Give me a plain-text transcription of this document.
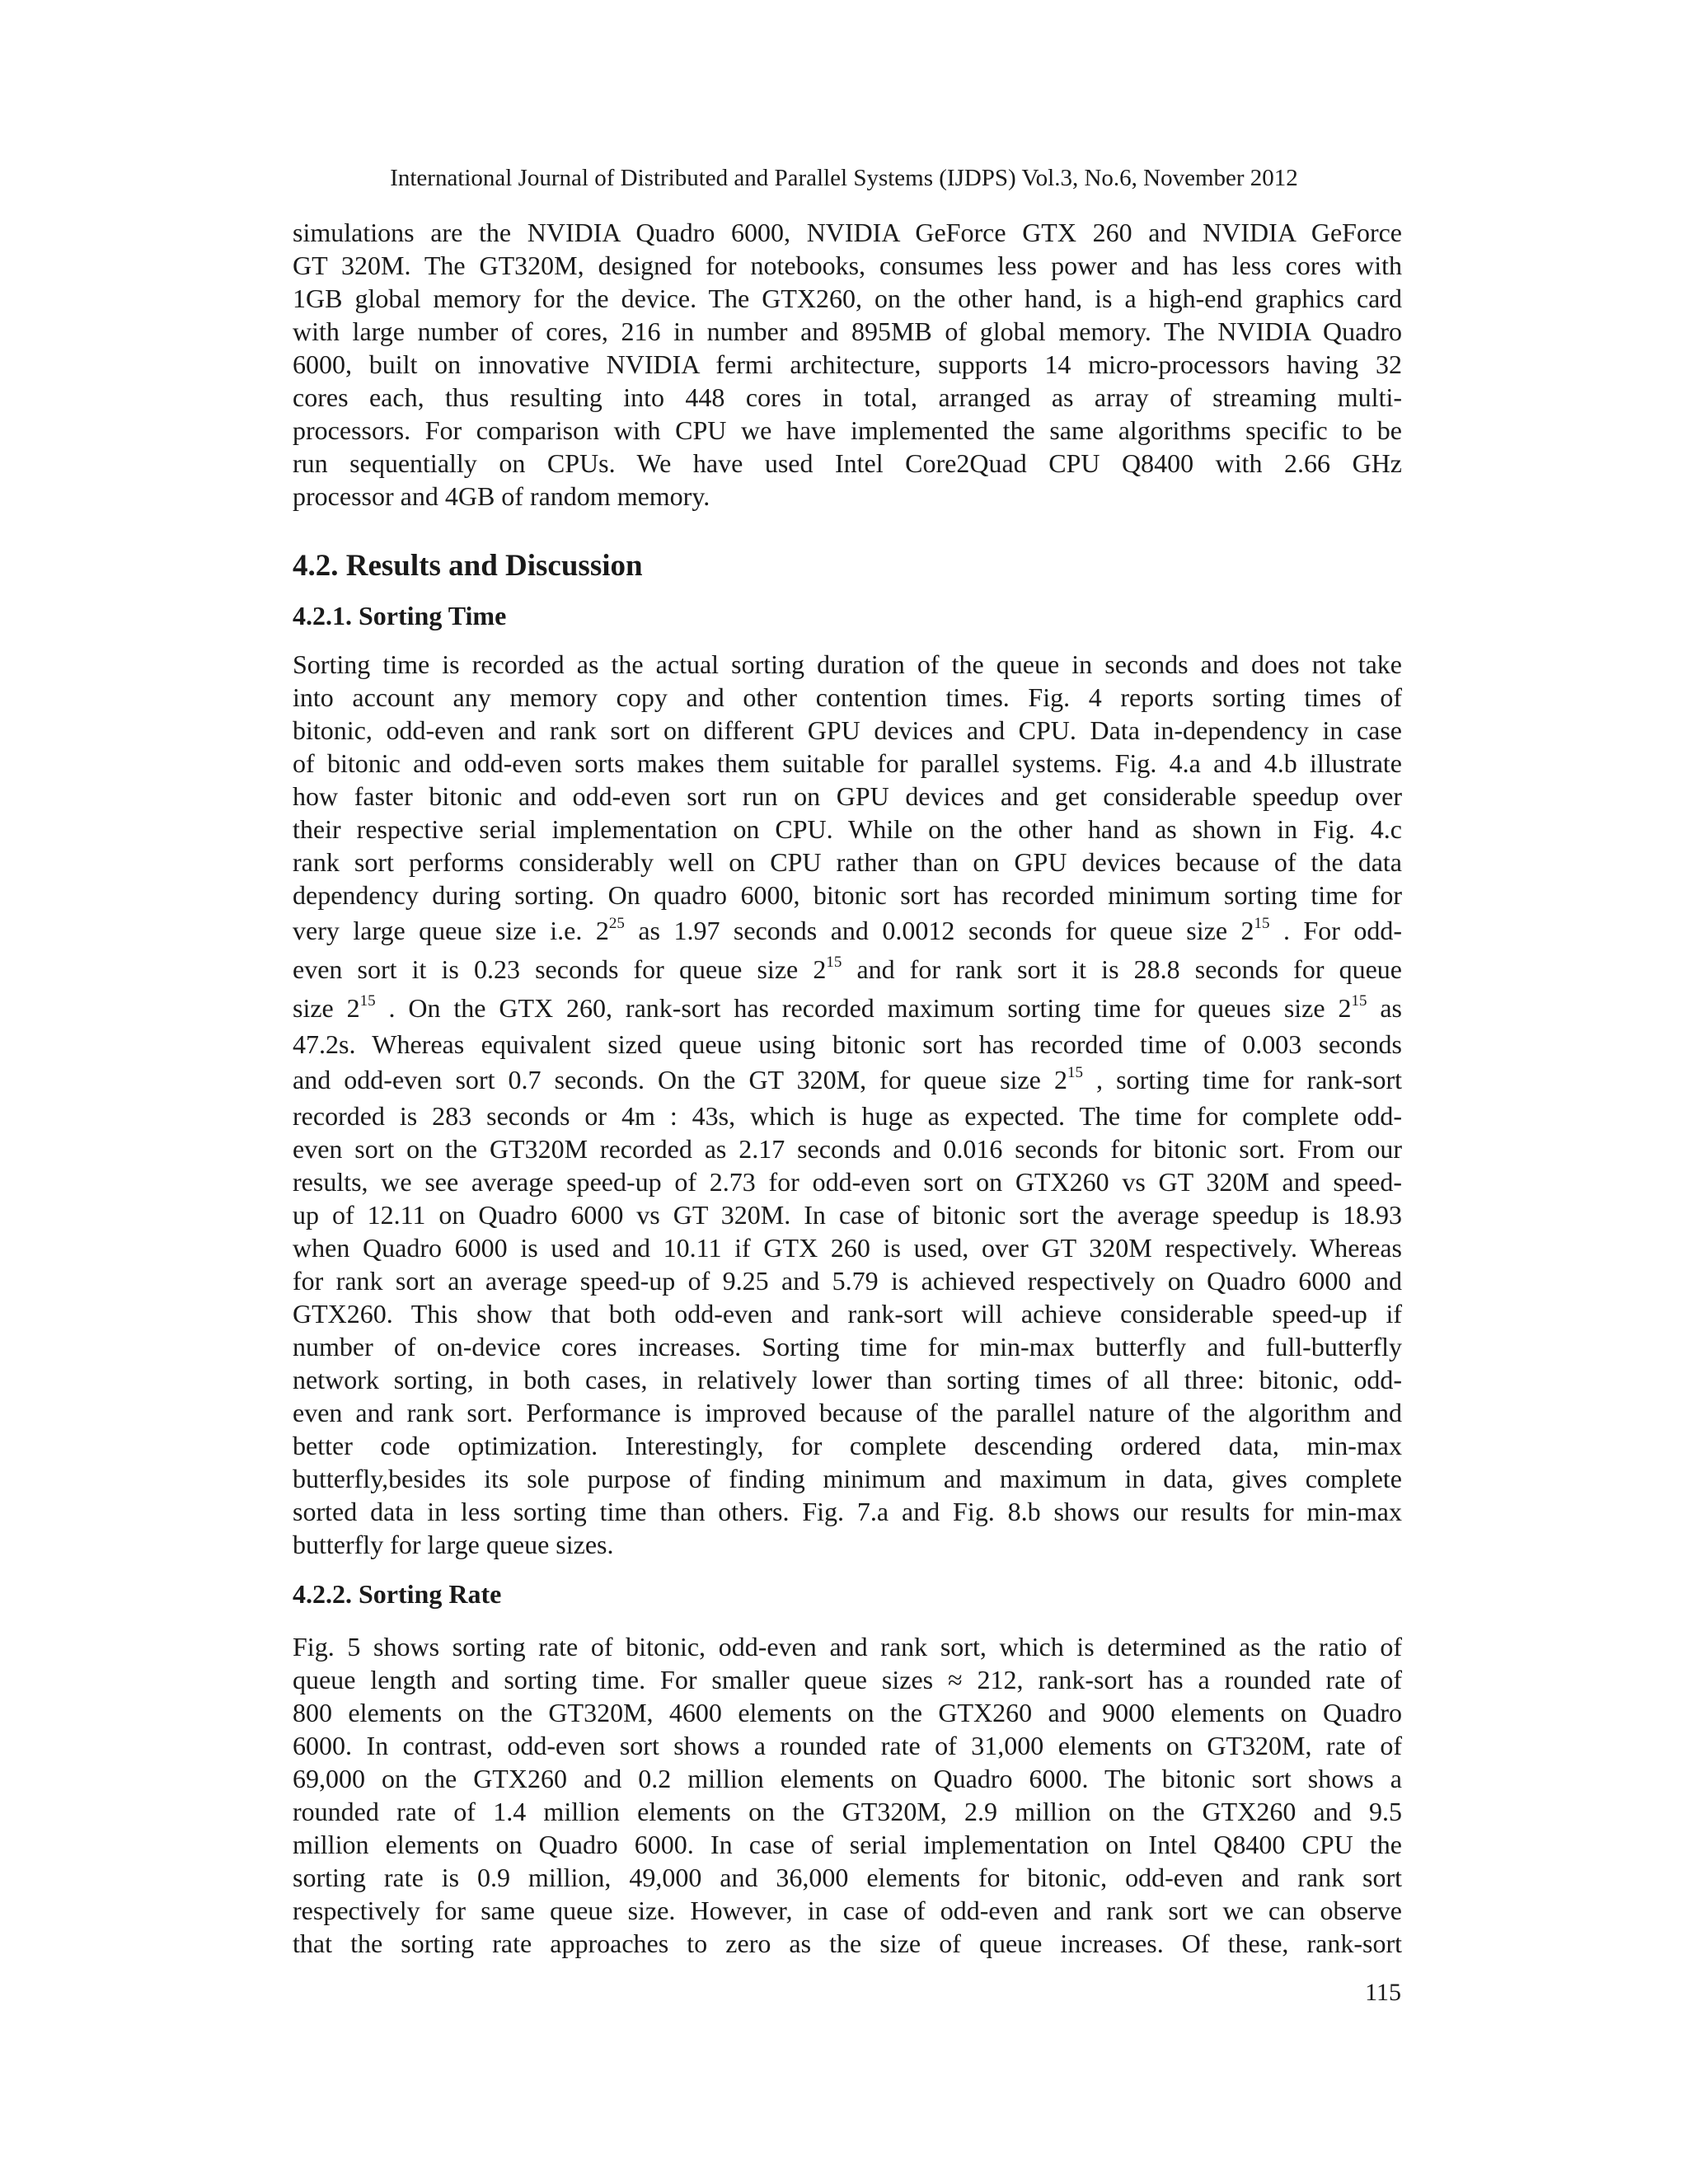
International Journal of Distributed and Parallel Systems (IJDPS) Vol.3, No.6, November 2012
simulations are the NVIDIA Quadro 6000, NVIDIA GeForce GTX 260 and NVIDIA GeForce
GT 320M. The GT320M, designed for notebooks, consumes less power and has less cores with
1GB global memory for the device. The GTX260, on the other hand, is a high-end graphics card
with large number of cores, 216 in number and 895MB of global memory. The NVIDIA Quadro
6000, built on innovative NVIDIA fermi architecture, supports 14 micro-processors having 32
cores each, thus resulting into 448 cores in total, arranged as array of streaming multi-
processors. For comparison with CPU we have implemented the same algorithms specific to be
run sequentially on CPUs. We have used Intel Core2Quad CPU Q8400 with 2.66 GHz
processor and 4GB of random memory.
4.2. Results and Discussion
4.2.1. Sorting Time
Sorting time is recorded as the actual sorting duration of the queue in seconds and does not take
into account any memory copy and other contention times. Fig. 4 reports sorting times of
bitonic, odd-even and rank sort on different GPU devices and CPU. Data in-dependency in case
of bitonic and odd-even sorts makes them suitable for parallel systems. Fig. 4.a and 4.b illustrate
how faster bitonic and odd-even sort run on GPU devices and get considerable speedup over
their respective serial implementation on CPU. While on the other hand as shown in Fig. 4.c
rank sort performs considerably well on CPU rather than on GPU devices because of the data
dependency during sorting. On quadro 6000, bitonic sort has recorded minimum sorting time for
very large queue size i.e. $2^{25}$ as 1.97 seconds and 0.0012 seconds for queue size $2^{15}$ . For odd-
even sort it is 0.23 seconds for queue size $2^{15}$ and for rank sort it is 28.8 seconds for queue
size $2^{15}$ . On the GTX 260, rank-sort has recorded maximum sorting time for queues size $2^{15}$ as
47.2s. Whereas equivalent sized queue using bitonic sort has recorded time of 0.003 seconds
and odd-even sort 0.7 seconds. On the GT 320M, for queue size $2^{15}$ , sorting time for rank-sort
recorded is 283 seconds or 4m : 43s, which is huge as expected. The time for complete odd-
even sort on the GT320M recorded as 2.17 seconds and 0.016 seconds for bitonic sort. From our
results, we see average speed-up of 2.73 for odd-even sort on GTX260 vs GT 320M and speed-
up of 12.11 on Quadro 6000 vs GT 320M. In case of bitonic sort the average speedup is 18.93
when Quadro 6000 is used and 10.11 if GTX 260 is used, over GT 320M respectively. Whereas
for rank sort an average speed-up of 9.25 and 5.79 is achieved respectively on Quadro 6000 and
GTX260. This show that both odd-even and rank-sort will achieve considerable speed-up if
number of on-device cores increases. Sorting time for min-max butterfly and full-butterfly
network sorting, in both cases, in relatively lower than sorting times of all three: bitonic, odd-
even and rank sort. Performance is improved because of the parallel nature of the algorithm and
better code optimization. Interestingly, for complete descending ordered data, min-max
butterfly,besides its sole purpose of finding minimum and maximum in data, gives complete
sorted data in less sorting time than others. Fig. 7.a and Fig. 8.b shows our results for min-max
butterfly for large queue sizes.
4.2.2. Sorting Rate
Fig. 5 shows sorting rate of bitonic, odd-even and rank sort, which is determined as the ratio of
queue length and sorting time. For smaller queue sizes ≈ 212, rank-sort has a rounded rate of
800 elements on the GT320M, 4600 elements on the GTX260 and 9000 elements on Quadro
6000. In contrast, odd-even sort shows a rounded rate of 31,000 elements on GT320M, rate of
69,000 on the GTX260 and 0.2 million elements on Quadro 6000. The bitonic sort shows a
rounded rate of 1.4 million elements on the GT320M, 2.9 million on the GTX260 and 9.5
million elements on Quadro 6000. In case of serial implementation on Intel Q8400 CPU the
sorting rate is 0.9 million, 49,000 and 36,000 elements for bitonic, odd-even and rank sort
respectively for same queue size. However, in case of odd-even and rank sort we can observe
that the sorting rate approaches to zero as the size of queue increases. Of these, rank-sort
115
